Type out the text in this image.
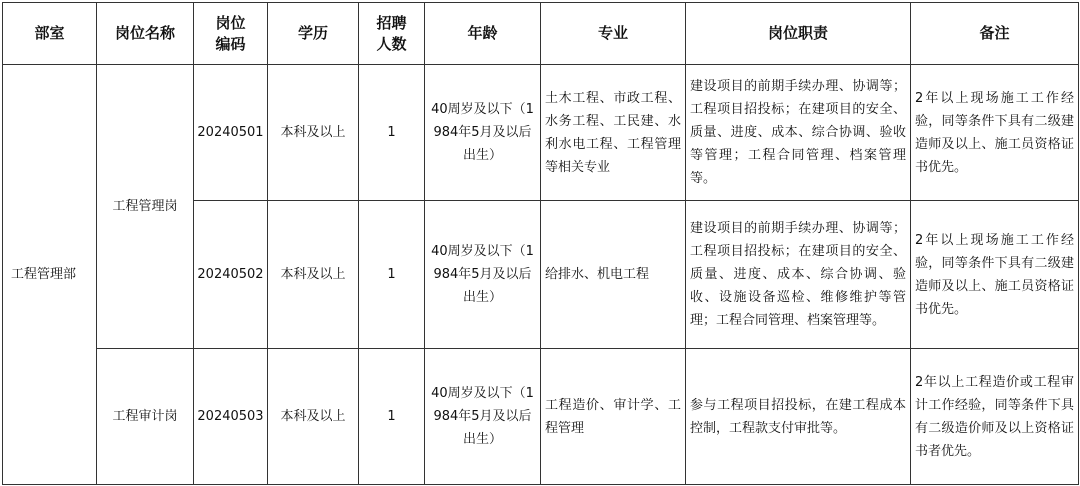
部室	岗位名称	岗位编码	学历	招聘人数	年龄	专业	岗位职责	备注
工程管理部	工程管理岗	20240501	本科及以上	1	40周岁及以下（1984年5月及以后出生）	土木工程、市政工程、水务工程、工民建、水利水电工程、工程管理等相关专业	建设项目的前期手续办理、协调等；工程项目招投标；在建项目的安全、质量、进度、成本、综合协调、验收等管理；工程合同管理、档案管理等。	2年以上现场施工工作经验，同等条件下具有二级建造师及以上、施工员资格证书优先。
		20240502	本科及以上	1	40周岁及以下（1984年5月及以后出生）	给排水、机电工程	建设项目的前期手续办理、协调等；工程项目招投标；在建项目的安全、质量、进度、成本、综合协调、验收、设施设备巡检、维修维护等管理；工程合同管理、档案管理等。	2年以上现场施工工作经验，同等条件下具有二级建造师及以上、施工员资格证书优先。
	工程审计岗	20240503	本科及以上	1	40周岁及以下（1984年5月及以后出生）	工程造价、审计学、工程管理	参与工程项目招投标，在建工程成本控制，工程款支付审批等。	2年以上工程造价或工程审计工作经验，同等条件下具有二级造价师及以上资格证书者优先。
